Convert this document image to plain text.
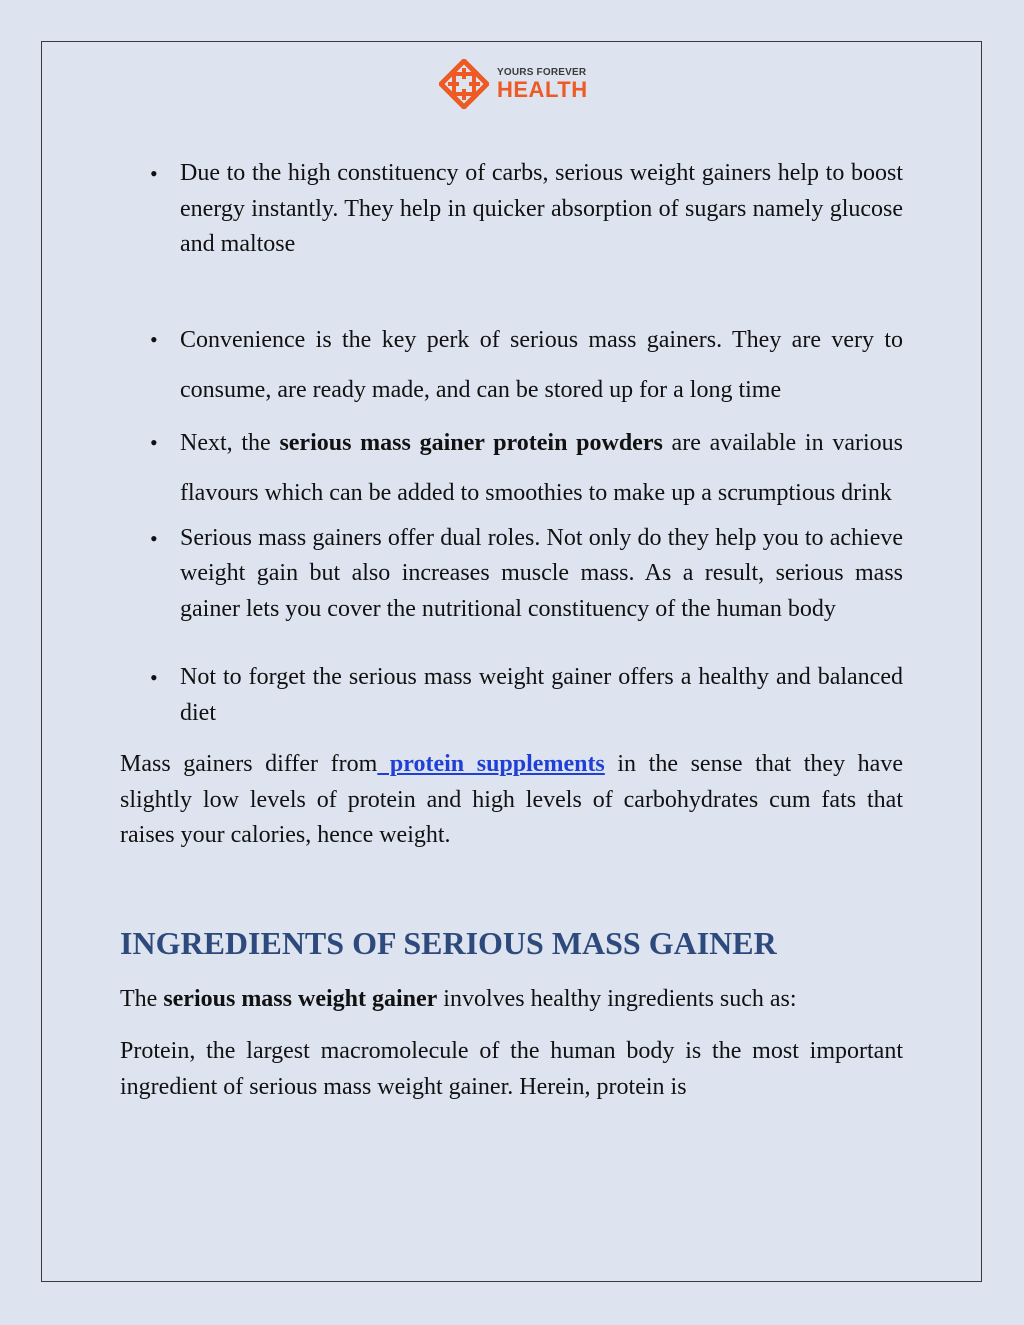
YOURS FOREVER
HEALTH
• Due to the high constituency of carbs, serious weight gainers help to boost energy instantly. They help in quicker absorption of sugars namely glucose and maltose
• Convenience is the key perk of serious mass gainers. They are very to consume, are ready made, and can be stored up for a long time
• Next, the serious mass gainer protein powders are available in various flavours which can be added to smoothies to make up a scrumptious drink
• Serious mass gainers offer dual roles. Not only do they help you to achieve weight gain but also increases muscle mass. As a result, serious mass gainer lets you cover the nutritional constituency of the human body
• Not to forget the serious mass weight gainer offers a healthy and balanced diet

Mass gainers differ from protein supplements in the sense that they have slightly low levels of protein and high levels of carbohydrates cum fats that raises your calories, hence weight.

INGREDIENTS OF SERIOUS MASS GAINER

The serious mass weight gainer involves healthy ingredients such as:

Protein, the largest macromolecule of the human body is the most important ingredient of serious mass weight gainer. Herein, protein is
